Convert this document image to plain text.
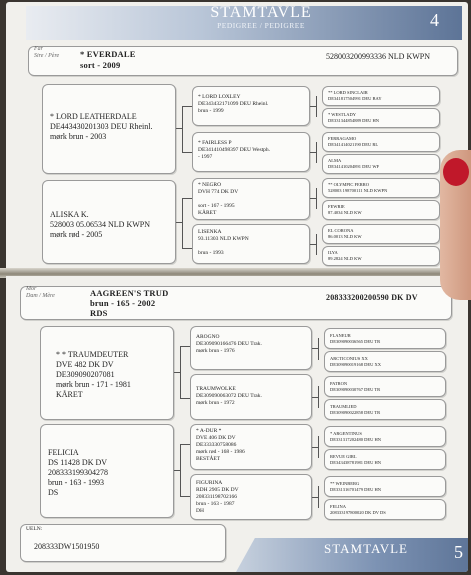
STAMTAVLE
PEDIGREE / PEDIGREE	4
Far
Sire / Père * EVERDALE
sort - 2009
528003200993336 NLD KWPN
* LORD LEATHERDALE
DE443430201303 DEU Rheinl.
mørk brun - 2003
ALISKA K.
528003 05.06534 NLD KWPN
mørk rød - 2005
* LORD LOXLEY
DE343432171099 DEU Rheinl.
brun - 1999
* FAIRLESS P
DE341410498397 DEU Westph.
- 1997
* NEGRO
DVH 774 DK DV
sort - 167 - 1995
KÅRET
LISENKA
93.11303 NLD KWPN
brun - 1993
** LORD SINCLAIR
DE341817504991 DEU BAY
* WESTLADY
DE331344854889 DEU HN
FERRAGAMO
DE341414021190 DEU RL
ALMA
DE341410204891 DEU WF
** OLYMPIC FERRO
528003 198700111 NLD KWPN
FEWRIE
87.4034 NLD KW
EL CORONA
86.0013 NLD KW
ILYA
89.2824 NLD KW
Mor
Dam / Mère	AAGREEN'S TRUD
brun - 165 - 2002
RDS
208333200200590 DK DV
* * TRAUMDEUTER
DVE 482 DK DV
DE309090207081
mørk brun - 171 - 1981
KÅRET
FELICIA
DS 11428 DK DV
208333199304278
brun - 163 - 1993
DS
AROGNO
DE309090166476 DEU Trak.
mørk brun - 1976
TRAUMWOLKE
DE309090063072 DEU Trak.
mørk brun - 1972
* A-DUR *
DVE 406 DK DV
DE333330758086
mørk rød - 168 - 1986
BESTÅET
FIGURINA
RDH 2905 DK DV
208331198702166
brun - 163 - 1987
DH
FLANEUR
DE309090036565 DEU TR
ARCTICONIUS XX
DE309090019168 DEU XX
PATRON
DE309090030767 DEU TR
TRAUMLIED
DE309090022858 DEU TR
* ARGENTINUS
DE331317202480 DEU HN
REVUE GIRL
DE343438781981 DEU HN
** WEINBERG
DE331316701479 DEU HN
FELINA
208333197800020 DK DV DS
UELN:
208333DW1501950	STAMTAVLE	5
